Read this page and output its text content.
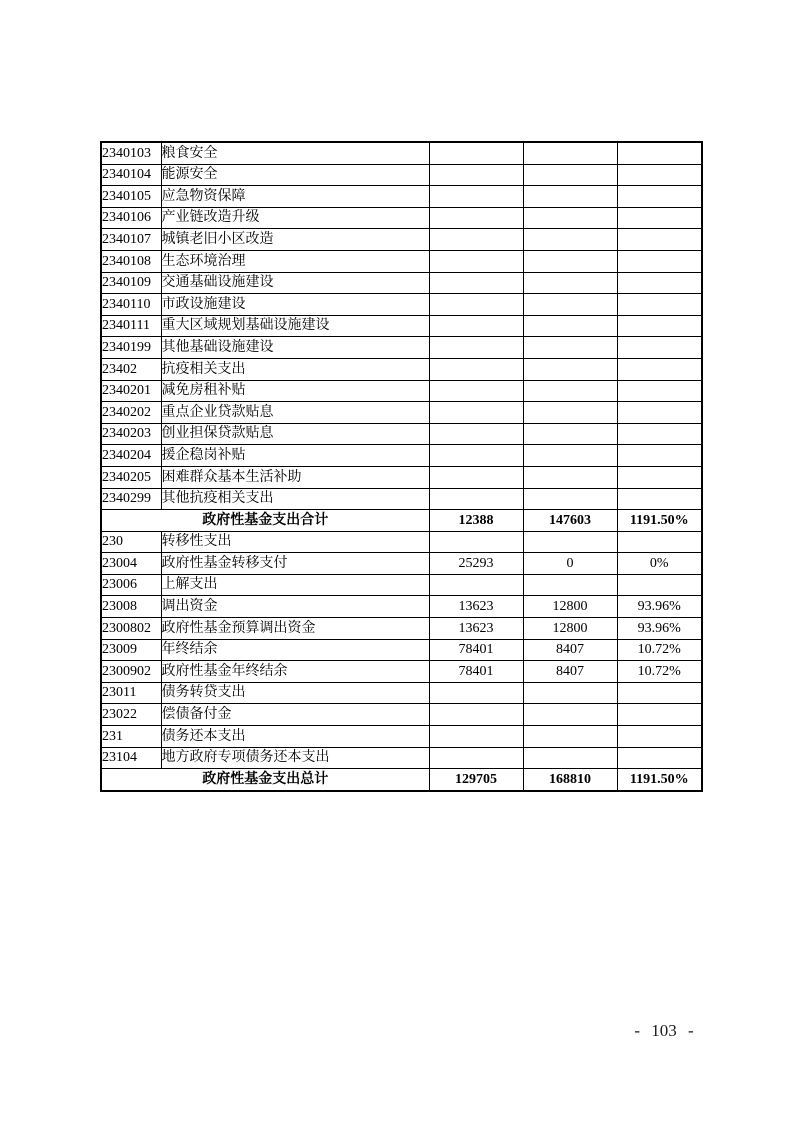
2340103	粮食安全			
2340104	能源安全			
2340105	应急物资保障			
2340106	产业链改造升级			
2340107	城镇老旧小区改造			
2340108	生态环境治理			
2340109	交通基础设施建设			
2340110	市政设施建设			
2340111	重大区域规划基础设施建设			
2340199	其他基础设施建设			
23402	抗疫相关支出			
2340201	减免房租补贴			
2340202	重点企业贷款贴息			
2340203	创业担保贷款贴息			
2340204	援企稳岗补贴			
2340205	困难群众基本生活补助			
2340299	其他抗疫相关支出			
政府性基金支出合计		12388	147603	1191.50%
230	转移性支出			
23004	政府性基金转移支付	25293	0	0%
23006	上解支出			
23008	调出资金	13623	12800	93.96%
2300802	政府性基金预算调出资金	13623	12800	93.96%
23009	年终结余	78401	8407	10.72%
2300902	政府性基金年终结余	78401	8407	10.72%
23011	债务转贷支出			
23022	偿债备付金			
231	债务还本支出			
23104	地方政府专项债务还本支出			
政府性基金支出总计		129705	168810	1191.50%
- 103 -
